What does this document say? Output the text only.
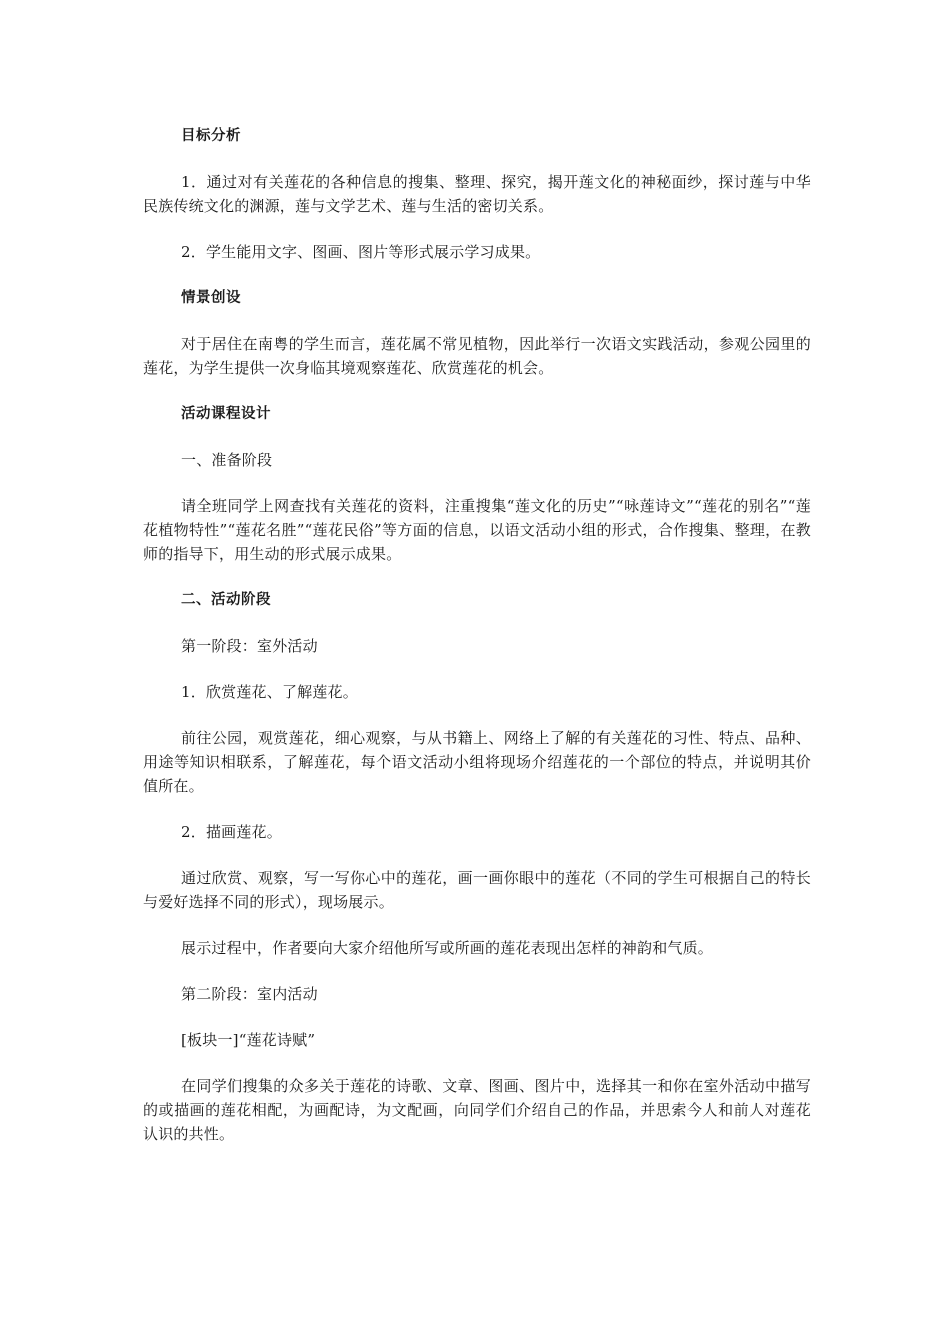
目标分析

1．通过对有关莲花的各种信息的搜集、整理、探究，揭开莲文化的神秘面纱，探讨莲与中华民族传统文化的渊源，莲与文学艺术、莲与生活的密切关系。

2．学生能用文字、图画、图片等形式展示学习成果。

情景创设

对于居住在南粤的学生而言，莲花属不常见植物，因此举行一次语文实践活动，参观公园里的莲花，为学生提供一次身临其境观察莲花、欣赏莲花的机会。

活动课程设计

一、准备阶段

请全班同学上网查找有关莲花的资料，注重搜集“莲文化的历史”“咏莲诗文”“莲花的别名”“莲花植物特性”“莲花名胜”“莲花民俗”等方面的信息，以语文活动小组的形式，合作搜集、整理，在教师的指导下，用生动的形式展示成果。

二、活动阶段

第一阶段：室外活动

1．欣赏莲花、了解莲花。

前往公园，观赏莲花，细心观察，与从书籍上、网络上了解的有关莲花的习性、特点、品种、用途等知识相联系，了解莲花，每个语文活动小组将现场介绍莲花的一个部位的特点，并说明其价值所在。

2．描画莲花。

通过欣赏、观察，写一写你心中的莲花，画一画你眼中的莲花（不同的学生可根据自己的特长与爱好选择不同的形式），现场展示。

展示过程中，作者要向大家介绍他所写或所画的莲花表现出怎样的神韵和气质。

第二阶段：室内活动

[板块一]“莲花诗赋”

在同学们搜集的众多关于莲花的诗歌、文章、图画、图片中，选择其一和你在室外活动中描写的或描画的莲花相配，为画配诗，为文配画，向同学们介绍自己的作品，并思索今人和前人对莲花认识的共性。
